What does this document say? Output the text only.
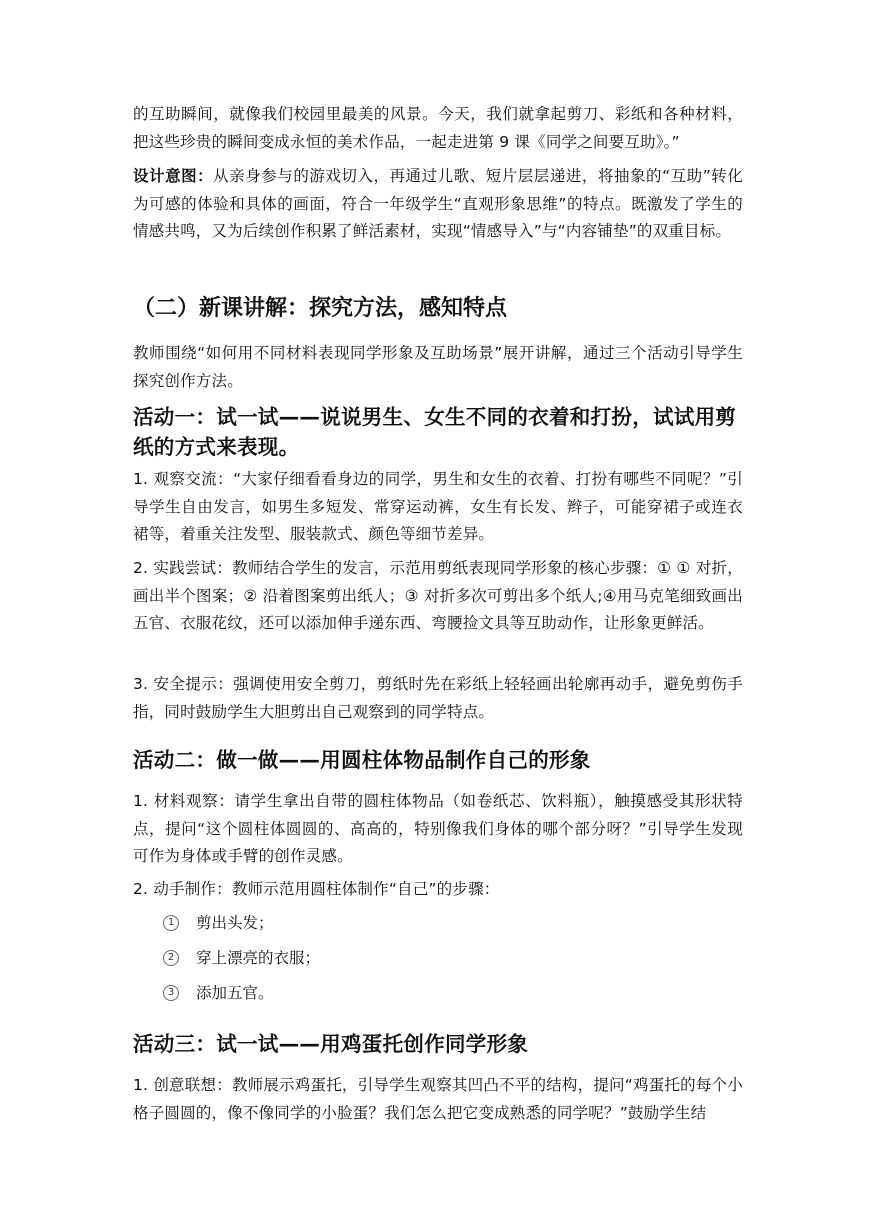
的互助瞬间，就像我们校园里最美的风景。今天，我们就拿起剪刀、彩纸和各种材料，把这些珍贵的瞬间变成永恒的美术作品，一起走进第 9 课《同学之间要互助》。”

设计意图：从亲身参与的游戏切入，再通过儿歌、短片层层递进，将抽象的“互助”转化为可感的体验和具体的画面，符合一年级学生“直观形象思维”的特点。既激发了学生的情感共鸣，又为后续创作积累了鲜活素材，实现“情感导入”与“内容铺垫”的双重目标。

（二）新课讲解：探究方法，感知特点

教师围绕“如何用不同材料表现同学形象及互助场景”展开讲解，通过三个活动引导学生探究创作方法。

活动一：试一试——说说男生、女生不同的衣着和打扮，试试用剪纸的方式来表现。

1. 观察交流：“大家仔细看看身边的同学，男生和女生的衣着、打扮有哪些不同呢？”引导学生自由发言，如男生多短发、常穿运动裤，女生有长发、辫子，可能穿裙子或连衣裙等，着重关注发型、服装款式、颜色等细节差异。

2. 实践尝试：教师结合学生的发言，示范用剪纸表现同学形象的核心步骤：① ① 对折，画出半个图案；② 沿着图案剪出纸人；③ 对折多次可剪出多个纸人;④用马克笔细致画出五官、衣服花纹，还可以添加伸手递东西、弯腰捡文具等互助动作，让形象更鲜活。

3. 安全提示：强调使用安全剪刀，剪纸时先在彩纸上轻轻画出轮廓再动手，避免剪伤手指，同时鼓励学生大胆剪出自己观察到的同学特点。

活动二：做一做——用圆柱体物品制作自己的形象

1. 材料观察：请学生拿出自带的圆柱体物品（如卷纸芯、饮料瓶），触摸感受其形状特点，提问“这个圆柱体圆圆的、高高的，特别像我们身体的哪个部分呀？”引导学生发现可作为身体或手臂的创作灵感。

2. 动手制作：教师示范用圆柱体制作“自己”的步骤：

1	剪出头发；
2	穿上漂亮的衣服；
3	添加五官。
活动三：试一试——用鸡蛋托创作同学形象

1. 创意联想：教师展示鸡蛋托，引导学生观察其凹凸不平的结构，提问“鸡蛋托的每个小格子圆圆的，像不像同学的小脸蛋？我们怎么把它变成熟悉的同学呢？”鼓励学生结
